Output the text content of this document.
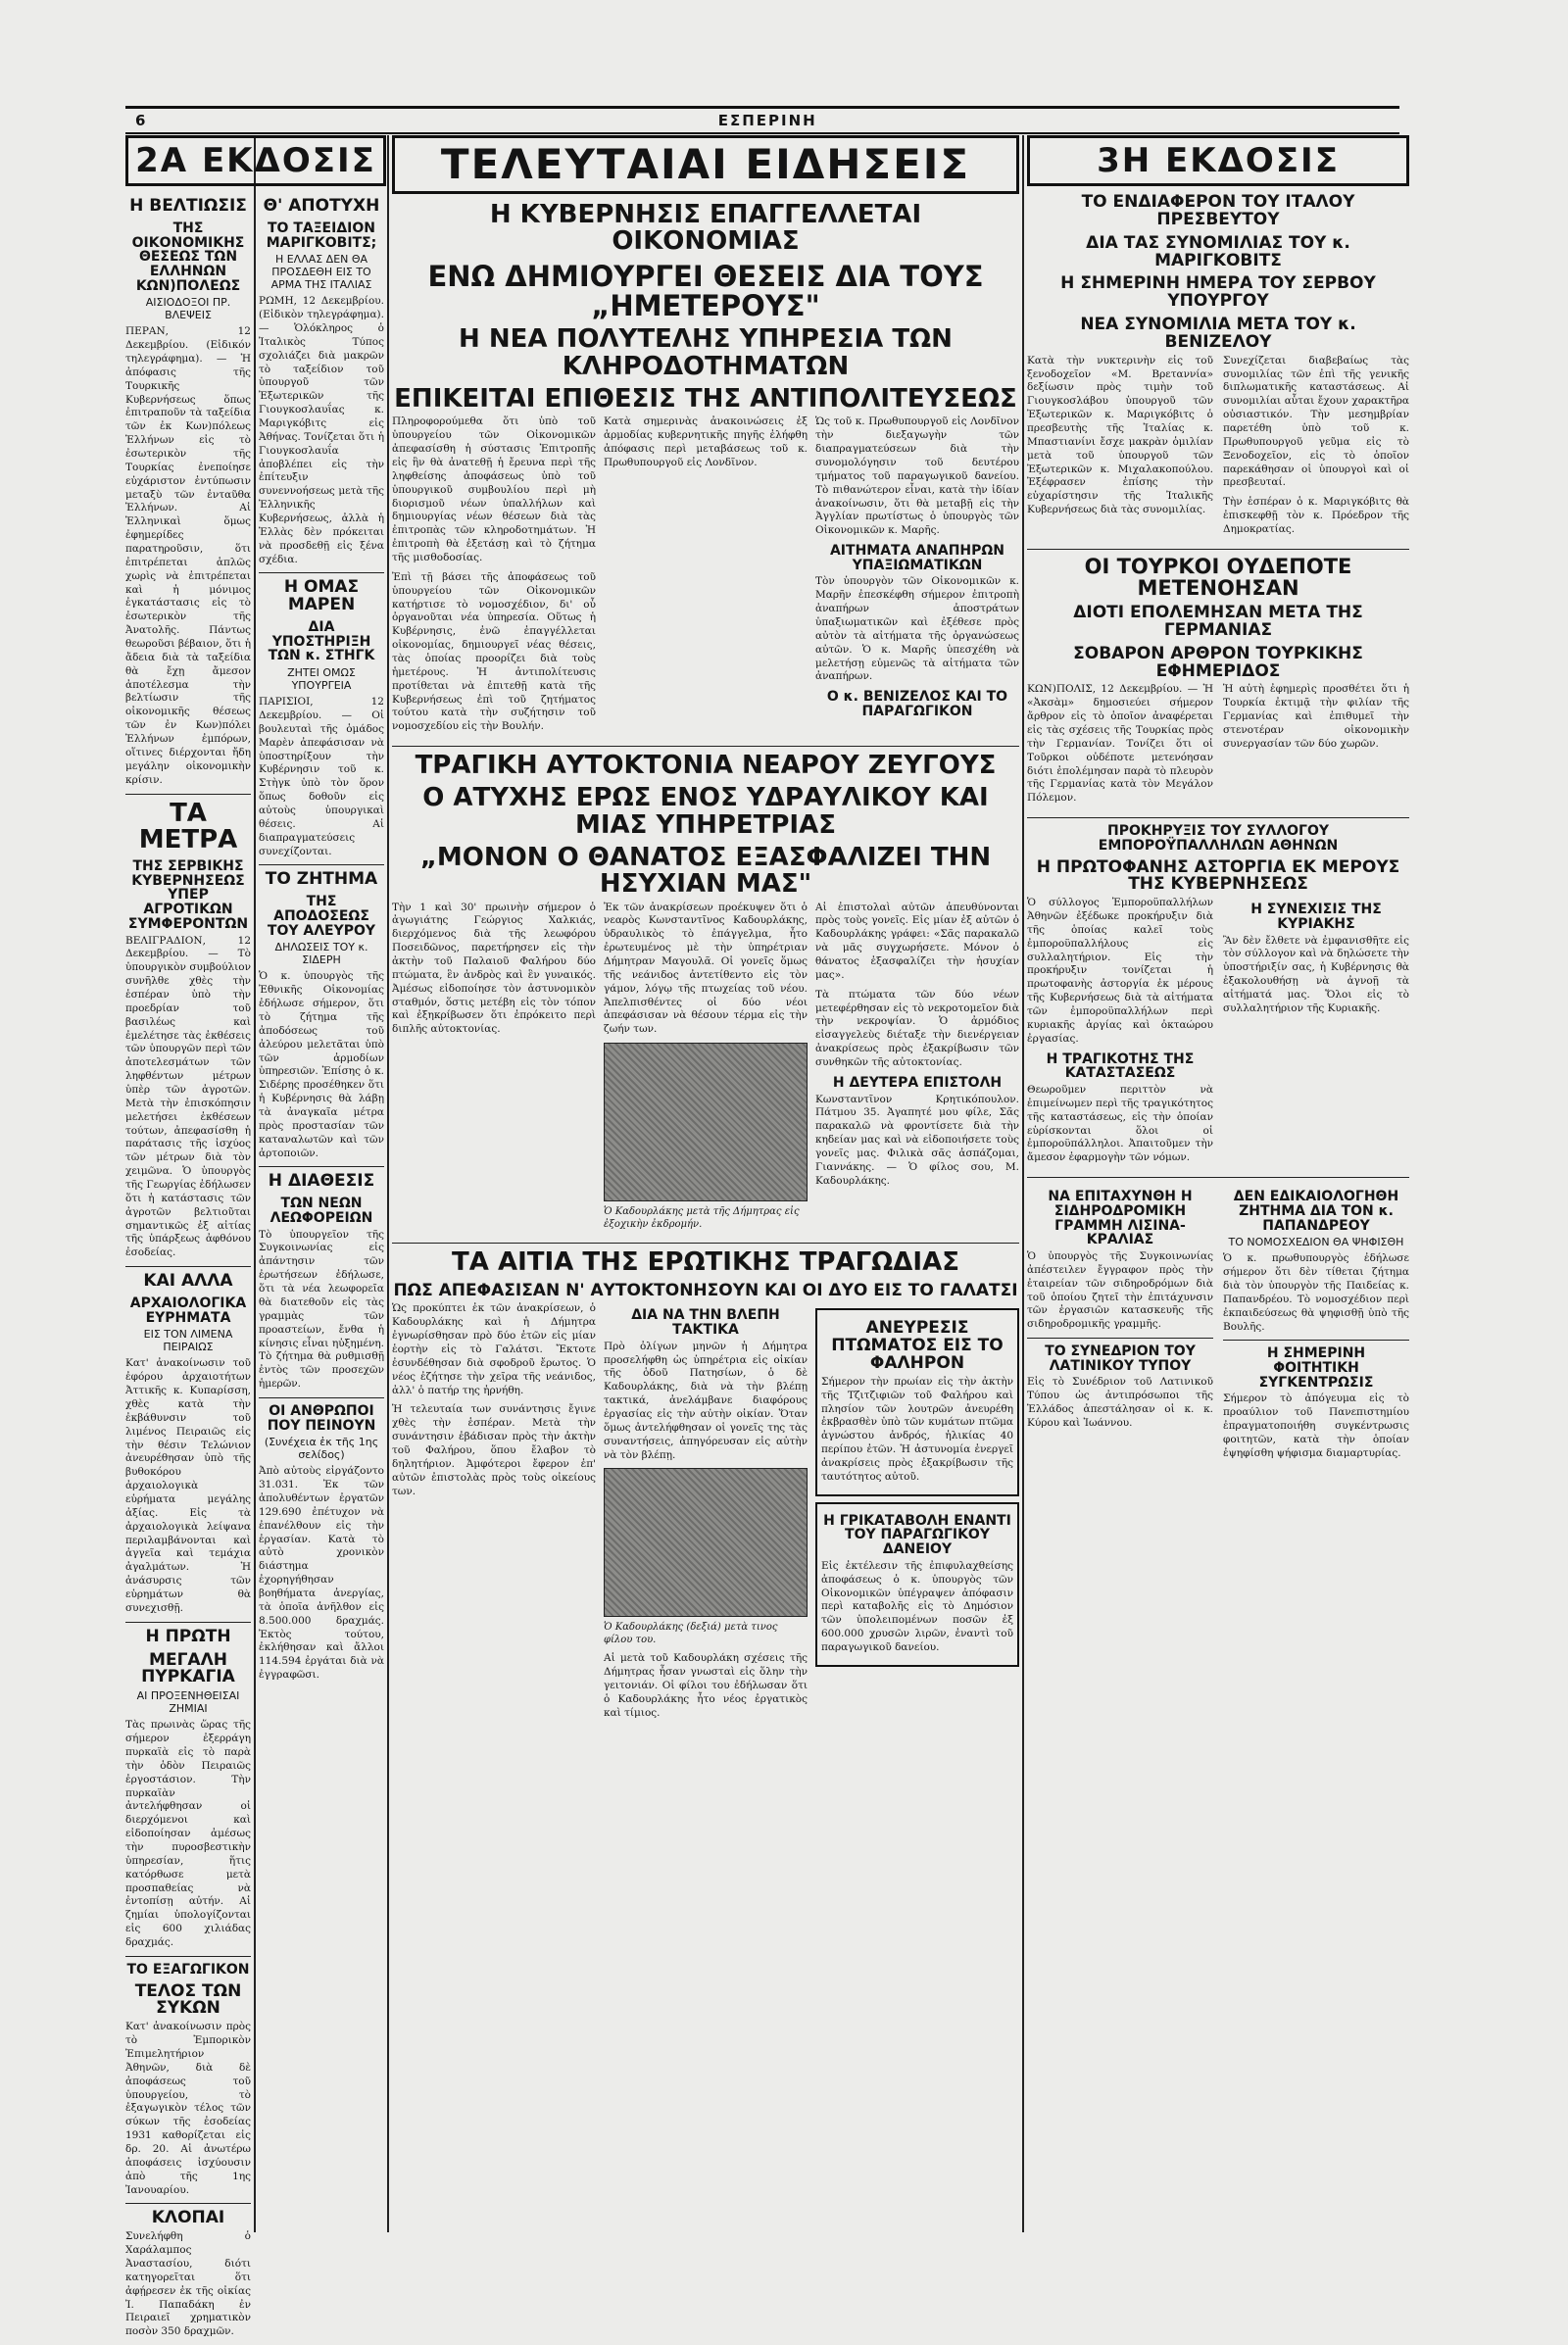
6	ΕΣΠΕΡΙΝΗ
2Α ΕΚΔΟΣΙΣ
Η ΒΕΛΤΙΩΣΙΣ
ΤΗΣ ΟΙΚΟΝΟΜΙΚΗΣ ΘΕΣΕΩΣ ΤΩΝ ΕΛΛΗΝΩΝ ΚΩΝ)ΠΟΛΕΩΣ
ΑΙΣΙΟΔΟΞΟΙ ΠΡ. ΒΛΕΨΕΙΣ

ΠΕΡΑΝ, 12 Δεκεμβρίου. (Εἰδικόν τηλεγράφημα). — Ἡ ἀπόφασις τῆς Τουρκικῆς Κυβερνήσεως ὅπως ἐπιτραποῦν τὰ ταξείδια τῶν ἐκ Κων)πόλεως Ἑλλήνων εἰς τὸ ἐσωτερικὸν τῆς Τουρκίας ἐνεποίησε εὐχάριστον ἐντύπωσιν μεταξὺ τῶν ἐνταῦθα Ἑλλήνων. Αἱ Ἑλληνικαὶ ὅμως ἐφημερίδες παρατηροῦσιν, ὅτι ἐπιτρέπεται ἁπλῶς χωρὶς νὰ ἐπιτρέπεται καὶ ἡ μόνιμος ἐγκατάστασις εἰς τὸ ἐσωτερικὸν τῆς Ἀνατολῆς. Πάντως θεωροῦσι βέβαιον, ὅτι ἡ ἄδεια διὰ τὰ ταξείδια θὰ ἔχῃ ἄμεσον ἀποτέλεσμα τὴν βελτίωσιν τῆς οἰκονομικῆς θέσεως τῶν ἐν Κων)πόλει Ἑλλήνων ἐμπόρων, οἵτινες διέρχονται ἤδη μεγάλην οἰκονομικὴν κρίσιν.

ΤΑ ΜΕΤΡΑ
ΤΗΣ ΣΕΡΒΙΚΗΣ ΚΥΒΕΡΝΗΣΕΩΣ ΥΠΕΡ ΑΓΡΟΤΙΚΩΝ ΣΥΜΦΕΡΟΝΤΩΝ

ΒΕΛΙΓΡΑΔΙΟΝ, 12 Δεκεμβρίου. — Τὸ ὑπουργικὸν συμβούλιον συνῆλθε χθὲς τὴν ἑσπέραν ὑπὸ τὴν προεδρίαν τοῦ βασιλέως καὶ ἐμελέτησε τὰς ἐκθέσεις τῶν ὑπουργῶν περὶ τῶν ἀποτελεσμάτων τῶν ληφθέντων μέτρων ὑπὲρ τῶν ἀγροτῶν. Μετὰ τὴν ἐπισκόπησιν μελετήσει ἐκθέσεων τούτων, ἀπεφασίσθη ἡ παράτασις τῆς ἰσχύος τῶν μέτρων διὰ τὸν χειμῶνα. Ὁ ὑπουργὸς τῆς Γεωργίας ἐδήλωσεν ὅτι ἡ κατάστασις τῶν ἀγροτῶν βελτιοῦται σημαντικῶς ἐξ αἰτίας τῆς ὑπάρξεως ἀφθόνου ἐσοδείας.

ΚΑΙ ΑΛΛΑ
ΑΡΧΑΙΟΛΟΓΙΚΑ ΕΥΡΗΜΑΤΑ
ΕΙΣ ΤΟΝ ΛΙΜΕΝΑ ΠΕΙΡΑΙΩΣ

Κατ' ἀνακοίνωσιν τοῦ ἐφόρου ἀρχαιοτήτων Ἀττικῆς κ. Κυπαρίσση, χθὲς κατὰ τὴν ἐκβάθυνσιν τοῦ λιμένος Πειραιῶς εἰς τὴν θέσιν Τελώνιον ἀνευρέθησαν ὑπὸ τῆς βυθοκόρου ἀρχαιολογικὰ εὑρήματα μεγάλης ἀξίας. Εἰς τὰ ἀρχαιολογικὰ λείψανα περιλαμβάνονται καὶ ἀγγεῖα καὶ τεμάχια ἀγαλμάτων. Ἡ ἀνάσυρσις τῶν εὑρημάτων θὰ συνεχισθῇ.

Η ΠΡΩΤΗ
ΜΕΓΑΛΗ ΠΥΡΚΑΓΙΑ
ΑΙ ΠΡΟΞΕΝΗΘΕΙΣΑΙ ΖΗΜΙΑΙ

Τὰς πρωινὰς ὥρας τῆς σήμερον ἐξερράγη πυρκαϊὰ εἰς τὸ παρὰ τὴν ὁδὸν Πειραιῶς ἐργοστάσιον. Τὴν πυρκαϊὰν ἀντελήφθησαν οἱ διερχόμενοι καὶ εἰδοποίησαν ἀμέσως τὴν πυροσβεστικὴν ὑπηρεσίαν, ἥτις κατόρθωσε μετὰ προσπαθείας νὰ ἐντοπίσῃ αὐτήν. Αἱ ζημίαι ὑπολογίζονται εἰς 600 χιλιάδας δραχμάς.

ΤΟ ΕΞΑΓΩΓΙΚΟΝ
ΤΕΛΟΣ ΤΩΝ ΣΥΚΩΝ

Κατ' ἀνακοίνωσιν πρὸς τὸ Ἐμπορικὸν Ἐπιμελητήριον Ἀθηνῶν, διὰ δὲ ἀποφάσεως τοῦ ὑπουργείου, τὸ ἐξαγωγικὸν τέλος τῶν σύκων τῆς ἐσοδείας 1931 καθορίζεται εἰς δρ. 20. Αἱ ἀνωτέρω ἀποφάσεις ἰσχύουσιν ἀπὸ τῆς 1ης Ἰανουαρίου.

ΚΛΟΠΑΙ

Συνελήφθη ὁ Χαράλαμπος Ἀναστασίου, διότι κατηγορεῖται ὅτι ἀφῄρεσεν ἐκ τῆς οἰκίας Ἰ. Παπαδάκη ἐν Πειραιεῖ χρηματικὸν ποσὸν 350 δραχμῶν.

Θ' ΑΠΟΤΥΧΗ
ΤΟ ΤΑΞΕΙΔΙΟΝ ΜΑΡΙΓΚΟΒΙΤΣ;
Η ΕΛΛΑΣ ΔΕΝ ΘΑ ΠΡΟΣΔΕΘΗ ΕΙΣ ΤΟ ΑΡΜΑ ΤΗΣ ΙΤΑΛΙΑΣ

ΡΩΜΗ, 12 Δεκεμβρίου. (Εἰδικὸν τηλεγράφημα). — Ὁλόκληρος ὁ Ἰταλικὸς Τύπος σχολιάζει διὰ μακρῶν τὸ ταξείδιον τοῦ ὑπουργοῦ τῶν Ἐξωτερικῶν τῆς Γιουγκοσλαυΐας κ. Μαριγκόβιτς εἰς Ἀθήνας. Τονίζεται ὅτι ἡ Γιουγκοσλαυΐα ἀποβλέπει εἰς τὴν ἐπίτευξιν συνεννοήσεως μετὰ τῆς Ἑλληνικῆς Κυβερνήσεως, ἀλλὰ ἡ Ἑλλὰς δὲν πρόκειται νὰ προσδεθῇ εἰς ξένα σχέδια.

Η ΟΜΑΣ ΜΑΡΕΝ
ΔΙΑ ΥΠΟΣΤΗΡΙΞΗ ΤΩΝ κ. ΣΤΗΓΚ
ΖΗΤΕΙ ΟΜΩΣ ΥΠΟΥΡΓΕΙΑ

ΠΑΡΙΣΙΟΙ, 12 Δεκεμβρίου. — Οἱ βουλευταὶ τῆς ὁμάδος Μαρὲν ἀπεφάσισαν νὰ ὑποστηρίξουν τὴν Κυβέρνησιν τοῦ κ. Στὴγκ ὑπὸ τὸν ὅρον ὅπως δοθοῦν εἰς αὐτοὺς ὑπουργικαὶ θέσεις. Αἱ διαπραγματεύσεις συνεχίζονται.

ΤΟ ΖΗΤΗΜΑ
ΤΗΣ ΑΠΟΔΟΣΕΩΣ ΤΟΥ ΑΛΕΥΡΟΥ
ΔΗΛΩΣΕΙΣ ΤΟΥ κ. ΣΙΔΕΡΗ

Ὁ κ. ὑπουργὸς τῆς Ἐθνικῆς Οἰκονομίας ἐδήλωσε σήμερον, ὅτι τὸ ζήτημα τῆς ἀποδόσεως τοῦ ἀλεύρου μελετᾶται ὑπὸ τῶν ἁρμοδίων ὑπηρεσιῶν. Ἐπίσης ὁ κ. Σιδέρης προσέθηκεν ὅτι ἡ Κυβέρνησις θὰ λάβῃ τὰ ἀναγκαῖα μέτρα πρὸς προστασίαν τῶν καταναλωτῶν καὶ τῶν ἀρτοποιῶν.

Η ΔΙΑΘΕΣΙΣ
ΤΩΝ ΝΕΩΝ ΛΕΩΦΟΡΕΙΩΝ

Τὸ ὑπουργεῖον τῆς Συγκοινωνίας εἰς ἀπάντησιν τῶν ἐρωτήσεων ἐδήλωσε, ὅτι τὰ νέα λεωφορεῖα θὰ διατεθοῦν εἰς τὰς γραμμὰς τῶν προαστείων, ἔνθα ἡ κίνησις εἶναι ηὐξημένη. Τὸ ζήτημα θὰ ρυθμισθῇ ἐντὸς τῶν προσεχῶν ἡμερῶν.

ΟΙ ΑΝΘΡΩΠΟΙ ΠΟΥ ΠΕΙΝΟΥΝ
(Συνέχεια ἐκ τῆς 1ης σελίδος)

Ἀπὸ αὐτοὺς εἰργάζοντο 31.031. Ἐκ τῶν ἀπολυθέντων ἐργατῶν 129.690 ἐπέτυχον νὰ ἐπανέλθουν εἰς τὴν ἐργασίαν. Κατὰ τὸ αὐτὸ χρονικὸν διάστημα ἐχορηγήθησαν βοηθήματα ἀνεργίας, τὰ ὁποῖα ἀνῆλθον εἰς 8.500.000 δραχμάς. Ἐκτὸς τούτου, ἐκλήθησαν καὶ ἄλλοι 114.594 ἐργάται διὰ νὰ ἐγγραφῶσι.

ΤΕΛΕΥΤΑΙΑΙ ΕΙΔΗΣΕΙΣ
Η ΚΥΒΕΡΝΗΣΙΣ ΕΠΑΓΓΕΛΛΕΤΑΙ ΟΙΚΟΝΟΜΙΑΣ
ΕΝΩ ΔΗΜΙΟΥΡΓΕΙ ΘΕΣΕΙΣ ΔΙΑ ΤΟΥΣ „ΗΜΕΤΕΡΟΥΣ"
Η ΝΕΑ ΠΟΛΥΤΕΛΗΣ ΥΠΗΡΕΣΙΑ ΤΩΝ ΚΛΗΡΟΔΟΤΗΜΑΤΩΝ
ΕΠΙΚΕΙΤΑΙ ΕΠΙΘΕΣΙΣ ΤΗΣ ΑΝΤΙΠΟΛΙΤΕΥΣΕΩΣ

Πληροφορούμεθα ὅτι ὑπὸ τοῦ ὑπουργείου τῶν Οἰκονομικῶν ἀπεφασίσθη ἡ σύστασις Ἐπιτροπῆς εἰς ἣν θὰ ἀνατεθῇ ἡ ἔρευνα περὶ τῆς ληφθείσης ἀποφάσεως ὑπὸ τοῦ ὑπουργικοῦ συμβουλίου περὶ μὴ διορισμοῦ νέων ὑπαλλήλων καὶ δημιουργίας νέων θέσεων διὰ τὰς ἐπιτροπὰς τῶν κληροδοτημάτων. Ἡ ἐπιτροπὴ θὰ ἐξετάσῃ καὶ τὸ ζήτημα τῆς μισθοδοσίας.

Ἐπὶ τῇ βάσει τῆς ἀποφάσεως τοῦ ὑπουργείου τῶν Οἰκονομικῶν κατήρτισε τὸ νομοσχέδιον, δι' οὗ ὀργανοῦται νέα ὑπηρεσία. Οὕτως ἡ Κυβέρνησις, ἐνῶ ἐπαγγέλλεται οἰκονομίας, δημιουργεῖ νέας θέσεις, τὰς ὁποίας προορίζει διὰ τοὺς ἡμετέρους. Ἡ ἀντιπολίτευσις προτίθεται νὰ ἐπιτεθῇ κατὰ τῆς Κυβερνήσεως ἐπὶ τοῦ ζητήματος τούτου κατὰ τὴν συζήτησιν τοῦ νομοσχεδίου εἰς τὴν Βουλήν.

Κατὰ σημερινὰς ἀνακοινώσεις ἐξ ἁρμοδίας κυβερνητικῆς πηγῆς ἐλήφθη ἀπόφασις περὶ μεταβάσεως τοῦ κ. Πρωθυπουργοῦ εἰς Λονδῖνον.

Ὡς τοῦ κ. Πρωθυπουργοῦ εἰς Λονδῖνον τὴν διεξαγωγὴν τῶν διαπραγματεύσεων διὰ τὴν συνομολόγησιν τοῦ δευτέρου τμήματος τοῦ παραγωγικοῦ δανείου. Τὸ πιθανώτερον εἶναι, κατὰ τὴν ἰδίαν ἀνακοίνωσιν, ὅτι θὰ μεταβῇ εἰς τὴν Ἀγγλίαν πρωτίστως ὁ ὑπουργὸς τῶν Οἰκονομικῶν κ. Μαρῆς.

ΑΙΤΗΜΑΤΑ ΑΝΑΠΗΡΩΝ ΥΠΑΞΙΩΜΑΤΙΚΩΝ

Τὸν ὑπουργὸν τῶν Οἰκονομικῶν κ. Μαρῆν ἐπεσκέφθη σήμερον ἐπιτροπὴ ἀναπήρων ἀποστράτων ὑπαξιωματικῶν καὶ ἐξέθεσε πρὸς αὐτὸν τὰ αἰτήματα τῆς ὀργανώσεως αὐτῶν. Ὁ κ. Μαρῆς ὑπεσχέθη νὰ μελετήσῃ εὐμενῶς τὰ αἰτήματα τῶν ἀναπήρων.

Ο κ. ΒΕΝΙΖΕΛΟΣ ΚΑΙ ΤΟ ΠΑΡΑΓΩΓΙΚΟΝ
ΤΡΑΓΙΚΗ ΑΥΤΟΚΤΟΝΙΑ ΝΕΑΡΟΥ ΖΕΥΓΟΥΣ
Ο ΑΤΥΧΗΣ ΕΡΩΣ ΕΝΟΣ ΥΔΡΑΥΛΙΚΟΥ ΚΑΙ ΜΙΑΣ ΥΠΗΡΕΤΡΙΑΣ
„ΜΟΝΟΝ Ο ΘΑΝΑΤΟΣ ΕΞΑΣΦΑΛΙΖΕΙ ΤΗΝ ΗΣΥΧΙΑΝ ΜΑΣ"

Τὴν 1 καὶ 30' πρωινὴν σήμερον ὁ ἀγωγιάτης Γεώργιος Χαλκιάς, διερχόμενος διὰ τῆς λεωφόρου Ποσειδῶνος, παρετήρησεν εἰς τὴν ἀκτὴν τοῦ Παλαιοῦ Φαλήρου δύο πτώματα, ἓν ἀνδρὸς καὶ ἓν γυναικός. Ἀμέσως εἰδοποίησε τὸν ἀστυνομικὸν σταθμόν, ὅστις μετέβη εἰς τὸν τόπον καὶ ἐξηκρίβωσεν ὅτι ἐπρόκειτο περὶ διπλῆς αὐτοκτονίας.

Ἐκ τῶν ἀνακρίσεων προέκυψεν ὅτι ὁ νεαρὸς Κωνσταντῖνος Καδουρλάκης, ὑδραυλικὸς τὸ ἐπάγγελμα, ἦτο ἐρωτευμένος μὲ τὴν ὑπηρέτριαν Δήμητραν Μαγουλᾶ. Οἱ γονεῖς ὅμως τῆς νεάνιδος ἀντετίθεντο εἰς τὸν γάμον, λόγῳ τῆς πτωχείας τοῦ νέου. Ἀπελπισθέντες οἱ δύο νέοι ἀπεφάσισαν νὰ θέσουν τέρμα εἰς τὴν ζωήν των.

Ὁ Καδουρλάκης μετὰ τῆς Δήμητρας εἰς ἐξοχικὴν ἐκδρομήν.

Αἱ ἐπιστολαὶ αὐτῶν ἀπευθύνονται πρὸς τοὺς γονεῖς. Εἰς μίαν ἐξ αὐτῶν ὁ Καδουρλάκης γράφει: «Σᾶς παρακαλῶ νὰ μᾶς συγχωρήσετε. Μόνον ὁ θάνατος ἐξασφαλίζει τὴν ἡσυχίαν μας».

Τὰ πτώματα τῶν δύο νέων μετεφέρθησαν εἰς τὸ νεκροτομεῖον διὰ τὴν νεκροψίαν. Ὁ ἀρμόδιος εἰσαγγελεὺς διέταξε τὴν διενέργειαν ἀνακρίσεως πρὸς ἐξακρίβωσιν τῶν συνθηκῶν τῆς αὐτοκτονίας.

Η ΔΕΥΤΕΡΑ ΕΠΙΣΤΟΛΗ

Κωνσταντῖνον Κρητικόπουλον. Πάτμου 35. Ἀγαπητέ μου φίλε, Σᾶς παρακαλῶ νὰ φροντίσετε διὰ τὴν κηδείαν μας καὶ νὰ εἰδοποιήσετε τοὺς γονεῖς μας. Φιλικὰ σᾶς ἀσπάζομαι, Γιαννάκης. — Ὁ φίλος σου, Μ. Καδουρλάκης.

ΤΑ ΑΙΤΙΑ ΤΗΣ ΕΡΩΤΙΚΗΣ ΤΡΑΓΩΔΙΑΣ
ΠΩΣ ΑΠΕΦΑΣΙΣΑΝ Ν' ΑΥΤΟΚΤΟΝΗΣΟΥΝ ΚΑΙ ΟΙ ΔΥΟ ΕΙΣ ΤΟ ΓΑΛΑΤΣΙ

Ὡς προκύπτει ἐκ τῶν ἀνακρίσεων, ὁ Καδουρλάκης καὶ ἡ Δήμητρα ἐγνωρίσθησαν πρὸ δύο ἐτῶν εἰς μίαν ἑορτὴν εἰς τὸ Γαλάτσι. Ἔκτοτε ἐσυνδέθησαν διὰ σφοδροῦ ἔρωτος. Ὁ νέος ἐζήτησε τὴν χεῖρα τῆς νεάνιδος, ἀλλ' ὁ πατήρ της ἠρνήθη.

Ἡ τελευταία των συνάντησις ἔγινε χθὲς τὴν ἑσπέραν. Μετὰ τὴν συνάντησιν ἐβάδισαν πρὸς τὴν ἀκτὴν τοῦ Φαλήρου, ὅπου ἔλαβον τὸ δηλητήριον. Ἀμφότεροι ἔφερον ἐπ' αὐτῶν ἐπιστολὰς πρὸς τοὺς οἰκείους των.

ΔΙΑ ΝΑ ΤΗΝ ΒΛΕΠΗ ΤΑΚΤΙΚΑ

Πρὸ ὀλίγων μηνῶν ἡ Δήμητρα προσελήφθη ὡς ὑπηρέτρια εἰς οἰκίαν τῆς ὁδοῦ Πατησίων, ὁ δὲ Καδουρλάκης, διὰ νὰ τὴν βλέπῃ τακτικά, ἀνελάμβανε διαφόρους ἐργασίας εἰς τὴν αὐτὴν οἰκίαν. Ὅταν ὅμως ἀντελήφθησαν οἱ γονεῖς της τὰς συναντήσεις, ἀπηγόρευσαν εἰς αὐτὴν νὰ τὸν βλέπῃ.

Ὁ Καδουρλάκης (δεξιά) μετὰ τινος φίλου του.

Αἱ μετὰ τοῦ Καδουρλάκη σχέσεις τῆς Δήμητρας ἦσαν γνωσταὶ εἰς ὅλην τὴν γειτονιάν. Οἱ φίλοι του ἐδήλωσαν ὅτι ὁ Καδουρλάκης ἦτο νέος ἐργατικὸς καὶ τίμιος.

ΑΝΕΥΡΕΣΙΣ ΠΤΩΜΑΤΟΣ ΕΙΣ ΤΟ ΦΑΛΗΡΟΝ

Σήμερον τὴν πρωίαν εἰς τὴν ἀκτὴν τῆς Τζιτζιφιῶν τοῦ Φαλήρου καὶ πλησίον τῶν λουτρῶν ἀνευρέθη ἐκβρασθὲν ὑπὸ τῶν κυμάτων πτῶμα ἀγνώστου ἀνδρός, ἡλικίας 40 περίπου ἐτῶν. Ἡ ἀστυνομία ἐνεργεῖ ἀνακρίσεις πρὸς ἐξακρίβωσιν τῆς ταυτότητος αὐτοῦ.

Η ΓΡΙΚΑΤΑΒΟΛΗ ΕΝΑΝΤΙ ΤΟΥ ΠΑΡΑΓΩΓΙΚΟΥ ΔΑΝΕΙΟΥ

Εἰς ἐκτέλεσιν τῆς ἐπιφυλαχθείσης ἀποφάσεως ὁ κ. ὑπουργὸς τῶν Οἰκονομικῶν ὑπέγραψεν ἀπόφασιν περὶ καταβολῆς εἰς τὸ Δημόσιον τῶν ὑπολειπομένων ποσῶν ἐξ 600.000 χρυσῶν λιρῶν, ἐναντὶ τοῦ παραγωγικοῦ δανείου.

3Η ΕΚΔΟΣΙΣ
ΤΟ ΕΝΔΙΑΦΕΡΟΝ ΤΟΥ ΙΤΑΛΟΥ ΠΡΕΣΒΕΥΤΟΥ
ΔΙΑ ΤΑΣ ΣΥΝΟΜΙΛΙΑΣ ΤΟΥ κ. ΜΑΡΙΓΚΟΒΙΤΣ
Η ΣΗΜΕΡΙΝΗ ΗΜΕΡΑ ΤΟΥ ΣΕΡΒΟΥ ΥΠΟΥΡΓΟΥ
ΝΕΑ ΣΥΝΟΜΙΛΙΑ ΜΕΤΑ ΤΟΥ κ. ΒΕΝΙΖΕΛΟΥ

Κατὰ τὴν νυκτερινὴν εἰς τοῦ ξενοδοχεῖον «Μ. Βρεταννία» δεξίωσιν πρὸς τιμὴν τοῦ Γιουγκοσλάβου ὑπουργοῦ τῶν Ἐξωτερικῶν κ. Μαριγκόβιτς ὁ πρεσβευτὴς τῆς Ἰταλίας κ. Μπαστιανίνι ἔσχε μακρὰν ὁμιλίαν μετὰ τοῦ ὑπουργοῦ τῶν Ἐξωτερικῶν κ. Μιχαλακοπούλου. Ἐξέφρασεν ἐπίσης τὴν εὐχαρίστησιν τῆς Ἰταλικῆς Κυβερνήσεως διὰ τὰς συνομιλίας.

Συνεχίζεται διαβεβαίως τὰς συνομιλίας τῶν ἐπὶ τῆς γενικῆς διπλωματικῆς καταστάσεως. Αἱ συνομιλίαι αὗται ἔχουν χαρακτῆρα οὐσιαστικόν. Τὴν μεσημβρίαν παρετέθη ὑπὸ τοῦ κ. Πρωθυπουργοῦ γεῦμα εἰς τὸ Ξενοδοχεῖον, εἰς τὸ ὁποῖον παρεκάθησαν οἱ ὑπουργοὶ καὶ οἱ πρεσβευταί.

Τὴν ἑσπέραν ὁ κ. Μαριγκόβιτς θὰ ἐπισκεφθῇ τὸν κ. Πρόεδρον τῆς Δημοκρατίας.

ΟΙ ΤΟΥΡΚΟΙ ΟΥΔΕΠΟΤΕ ΜΕΤΕΝΟΗΣΑΝ
ΔΙΟΤΙ ΕΠΟΛΕΜΗΣΑΝ ΜΕΤΑ ΤΗΣ ΓΕΡΜΑΝΙΑΣ
ΣΟΒΑΡΟΝ ΑΡΘΡΟΝ ΤΟΥΡΚΙΚΗΣ ΕΦΗΜΕΡΙΔΟΣ

ΚΩΝ)ΠΟΛΙΣ, 12 Δεκεμβρίου. — Ἡ «Ἀκσὰμ» δημοσιεύει σήμερον ἄρθρον εἰς τὸ ὁποῖον ἀναφέρεται εἰς τὰς σχέσεις τῆς Τουρκίας πρὸς τὴν Γερμανίαν. Τονίζει ὅτι οἱ Τοῦρκοι οὐδέποτε μετενόησαν διότι ἐπολέμησαν παρὰ τὸ πλευρὸν τῆς Γερμανίας κατὰ τὸν Μεγάλον Πόλεμον.

Ἡ αὐτὴ ἐφημερὶς προσθέτει ὅτι ἡ Τουρκία ἐκτιμᾷ τὴν φιλίαν τῆς Γερμανίας καὶ ἐπιθυμεῖ τὴν στενοτέραν οἰκονομικὴν συνεργασίαν τῶν δύο χωρῶν.

ΠΡΟΚΗΡΥΞΙΣ ΤΟΥ ΣΥΛΛΟΓΟΥ ΕΜΠΟΡΟΫΠΑΛΛΗΛΩΝ ΑΘΗΝΩΝ
Η ΠΡΩΤΟΦΑΝΗΣ ΑΣΤΟΡΓΙΑ ΕΚ ΜΕΡΟΥΣ ΤΗΣ ΚΥΒΕΡΝΗΣΕΩΣ

Ὁ σύλλογος Ἐμποροϋπαλλήλων Ἀθηνῶν ἐξέδωκε προκήρυξιν διὰ τῆς ὁποίας καλεῖ τοὺς ἐμποροϋπαλλήλους εἰς συλλαλητήριον. Εἰς τὴν προκήρυξιν τονίζεται ἡ πρωτοφανὴς ἀστοργία ἐκ μέρους τῆς Κυβερνήσεως διὰ τὰ αἰτήματα τῶν ἐμποροϋπαλλήλων περὶ κυριακῆς ἀργίας καὶ ὀκταώρου ἐργασίας.

Η ΤΡΑΓΙΚΟΤΗΣ ΤΗΣ ΚΑΤΑΣΤΑΣΕΩΣ

Θεωροῦμεν περιττὸν νὰ ἐπιμείνωμεν περὶ τῆς τραγικότητος τῆς καταστάσεως, εἰς τὴν ὁποίαν εὑρίσκονται ὅλοι οἱ ἐμποροϋπάλληλοι. Ἀπαιτοῦμεν τὴν ἄμεσον ἐφαρμογὴν τῶν νόμων.

Η ΣΥΝΕΧΙΣΙΣ ΤΗΣ ΚΥΡΙΑΚΗΣ

Ἂν δὲν ἔλθετε νὰ ἐμφανισθῆτε εἰς τὸν σύλλογον καὶ νὰ δηλώσετε τὴν ὑποστήριξίν σας, ἡ Κυβέρνησις θὰ ἐξακολουθήσῃ νὰ ἀγνοῇ τὰ αἰτήματά μας. Ὅλοι εἰς τὸ συλλαλητήριον τῆς Κυριακῆς.

ΝΑ ΕΠΙΤΑΧΥΝΘΗ Η ΣΙΔΗΡΟΔΡΟΜΙΚΗ ΓΡΑΜΜΗ ΛΙΣΙΝΑ-ΚΡΑΛΙΑΣ

Ὁ ὑπουργὸς τῆς Συγκοινωνίας ἀπέστειλεν ἔγγραφον πρὸς τὴν ἐταιρείαν τῶν σιδηροδρόμων διὰ τοῦ ὁποίου ζητεῖ τὴν ἐπιτάχυνσιν τῶν ἐργασιῶν κατασκευῆς τῆς σιδηροδρομικῆς γραμμῆς.

ΤΟ ΣΥΝΕΔΡΙΟΝ ΤΟΥ ΛΑΤΙΝΙΚΟΥ ΤΥΠΟΥ

Εἰς τὸ Συνέδριον τοῦ Λατινικοῦ Τύπου ὡς ἀντιπρόσωποι τῆς Ἑλλάδος ἀπεστάλησαν οἱ κ. κ. Κύρου καὶ Ἰωάννου.

ΔΕΝ ΕΔΙΚΑΙΟΛΟΓΗΘΗ ΖΗΤΗΜΑ ΔΙΑ ΤΟΝ κ. ΠΑΠΑΝΔΡΕΟΥ
ΤΟ ΝΟΜΟΣΧΕΔΙΟΝ ΘΑ ΨΗΦΙΣΘΗ

Ὁ κ. πρωθυπουργὸς ἐδήλωσε σήμερον ὅτι δὲν τίθεται ζήτημα διὰ τὸν ὑπουργὸν τῆς Παιδείας κ. Παπανδρέου. Τὸ νομοσχέδιον περὶ ἐκπαιδεύσεως θὰ ψηφισθῇ ὑπὸ τῆς Βουλῆς.

Η ΣΗΜΕΡΙΝΗ ΦΟΙΤΗΤΙΚΗ ΣΥΓΚΕΝΤΡΩΣΙΣ

Σήμερον τὸ ἀπόγευμα εἰς τὸ προαύλιον τοῦ Πανεπιστημίου ἐπραγματοποιήθη συγκέντρωσις φοιτητῶν, κατὰ τὴν ὁποίαν ἐψηφίσθη ψήφισμα διαμαρτυρίας.
